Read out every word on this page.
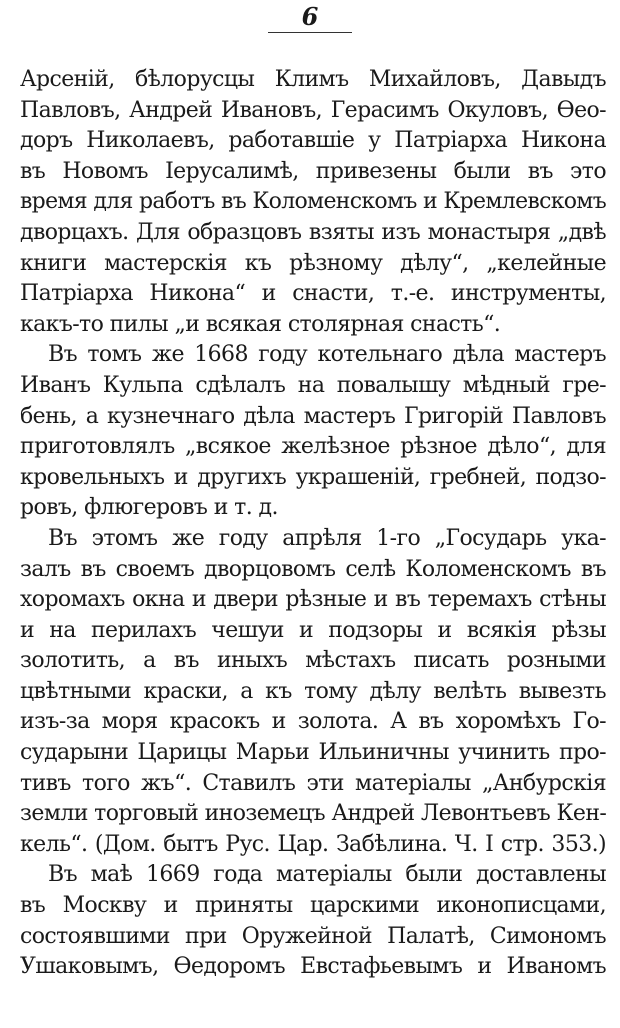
6
Арсеній, бѣлорусцы Климъ Михайловъ, Давыдъ
Павловъ, Андрей Ивановъ, Герасимъ Окуловъ, Ѳео-
доръ Николаевъ, работавшіе у Патріарха Никона
въ Новомъ Іерусалимѣ, привезены были въ это
время для работъ въ Коломенскомъ и Кремлевскомъ
дворцахъ. Для образцовъ взяты изъ монастыря „двѣ
книги мастерскія къ рѣзному дѣлу“, „келейные
Патріарха Никона“ и снасти, т.-е. инструменты,
какъ-то пилы „и всякая столярная снасть“.
Въ томъ же 1668 году котельнаго дѣла мастеръ
Иванъ Кульпа сдѣлалъ на повалышу мѣдный гре-
бень, а кузнечнаго дѣла мастеръ Григорій Павловъ
приготовлялъ „всякое желѣзное рѣзное дѣло“, для
кровельныхъ и другихъ украшеній, гребней, подзо-
ровъ, флюгеровъ и т. д.
Въ этомъ же году апрѣля 1-го „Государь ука-
залъ въ своемъ дворцовомъ селѣ Коломенскомъ въ
хоромахъ окна и двери рѣзные и въ теремахъ стѣны
и на перилахъ чешуи и подзоры и всякія рѣзы
золотить, а въ иныхъ мѣстахъ писать розными
цвѣтными краски, а къ тому дѣлу велѣть вывезть
изъ-за моря красокъ и золота. А въ хоромѣхъ Го-
сударыни Царицы Марьи Ильиничны учинить про-
тивъ того жъ“. Ставилъ эти матеріалы „Анбурскія
земли торговый иноземецъ Андрей Левонтьевъ Кен-
кель“. (Дом. бытъ Рус. Цар. Забѣлина. Ч. I стр. 353.)
Въ маѣ 1669 года матеріалы были доставлены
въ Москву и приняты царскими иконописцами,
состоявшими при Оружейной Палатѣ, Симономъ
Ушаковымъ, Ѳедоромъ Евстафьевымъ и Иваномъ
